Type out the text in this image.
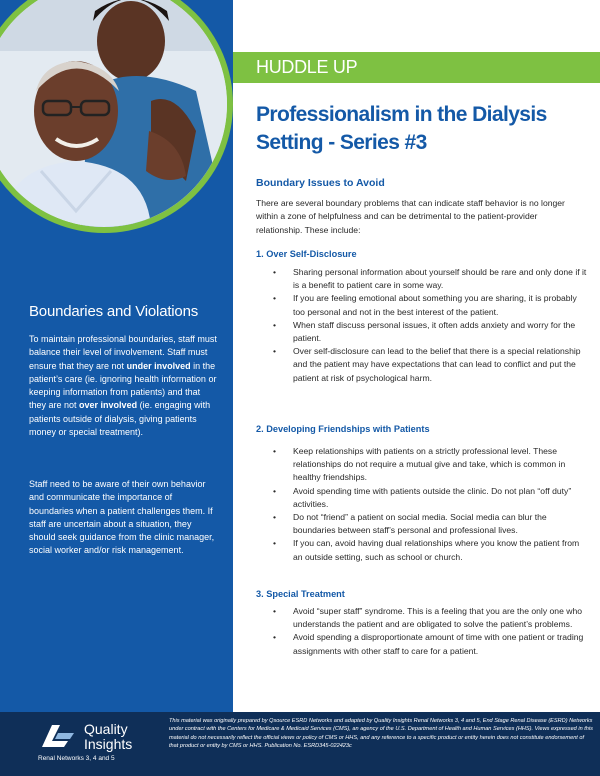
Boundaries and Violations

To maintain professional boundaries, staff must balance their level of involvement. Staff must ensure that they are not under involved in the patient’s care (ie. ignoring health information or keeping information from patients) and that they are not over involved (ie. engaging with patients outside of dialysis, giving patients money or special treatment).

Staff need to be aware of their own behavior and communicate the importance of boundaries when a patient challenges them. If staff are uncertain about a situation, they should seek guidance from the clinic manager, social worker and/or risk management.

HUDDLE UP
Professionalism in the Dialysis
Setting - Series #3
Boundary Issues to Avoid

There are several boundary problems that can indicate staff behavior is no longer within a zone of helpfulness and can be detrimental to the patient-provider relationship. These include:

1. Over Self-Disclosure
• Sharing personal information about yourself should be rare and only done if it is a benefit to patient care in some way.
• If you are feeling emotional about something you are sharing, it is probably too personal and not in the best interest of the patient.
• When staff discuss personal issues, it often adds anxiety and worry for the patient.
• Over self-disclosure can lead to the belief that there is a special relationship and the patient may have expectations that can lead to conflict and put the patient at risk of psychological harm.
2. Developing Friendships with Patients
• Keep relationships with patients on a strictly professional level. These relationships do not require a mutual give and take, which is common in healthy friendships.
• Avoid spending time with patients outside the clinic. Do not plan “off duty” activities.
• Do not “friend” a patient on social media. Social media can blur the boundaries between staff’s personal and professional lives.
• If you can, avoid having dual relationships where you know the patient from an outside setting, such as school or church.
3. Special Treatment
• Avoid “super staff” syndrome. This is a feeling that you are the only one who understands the patient and are obligated to solve the patient’s problems.
• Avoid spending a disproportionate amount of time with one patient or trading assignments with other staff to care for a patient.
Quality
Insights
Renal Networks 3, 4 and 5

This material was originally prepared by Qsource ESRD Networks and adapted by Quality Insights Renal Networks 3, 4 and 5, End Stage Renal Disease (ESRD) Networks under contract with the Centers for Medicare & Medicaid Services (CMS), an agency of the U.S. Department of Health and Human Services (HHS). Views expressed in this material do not necessarily reflect the official views or policy of CMS or HHS, and any reference to a specific product or entity herein does not constitute endorsement of that product or entity by CMS or HHS. Publication No. ESRD345-022423c
